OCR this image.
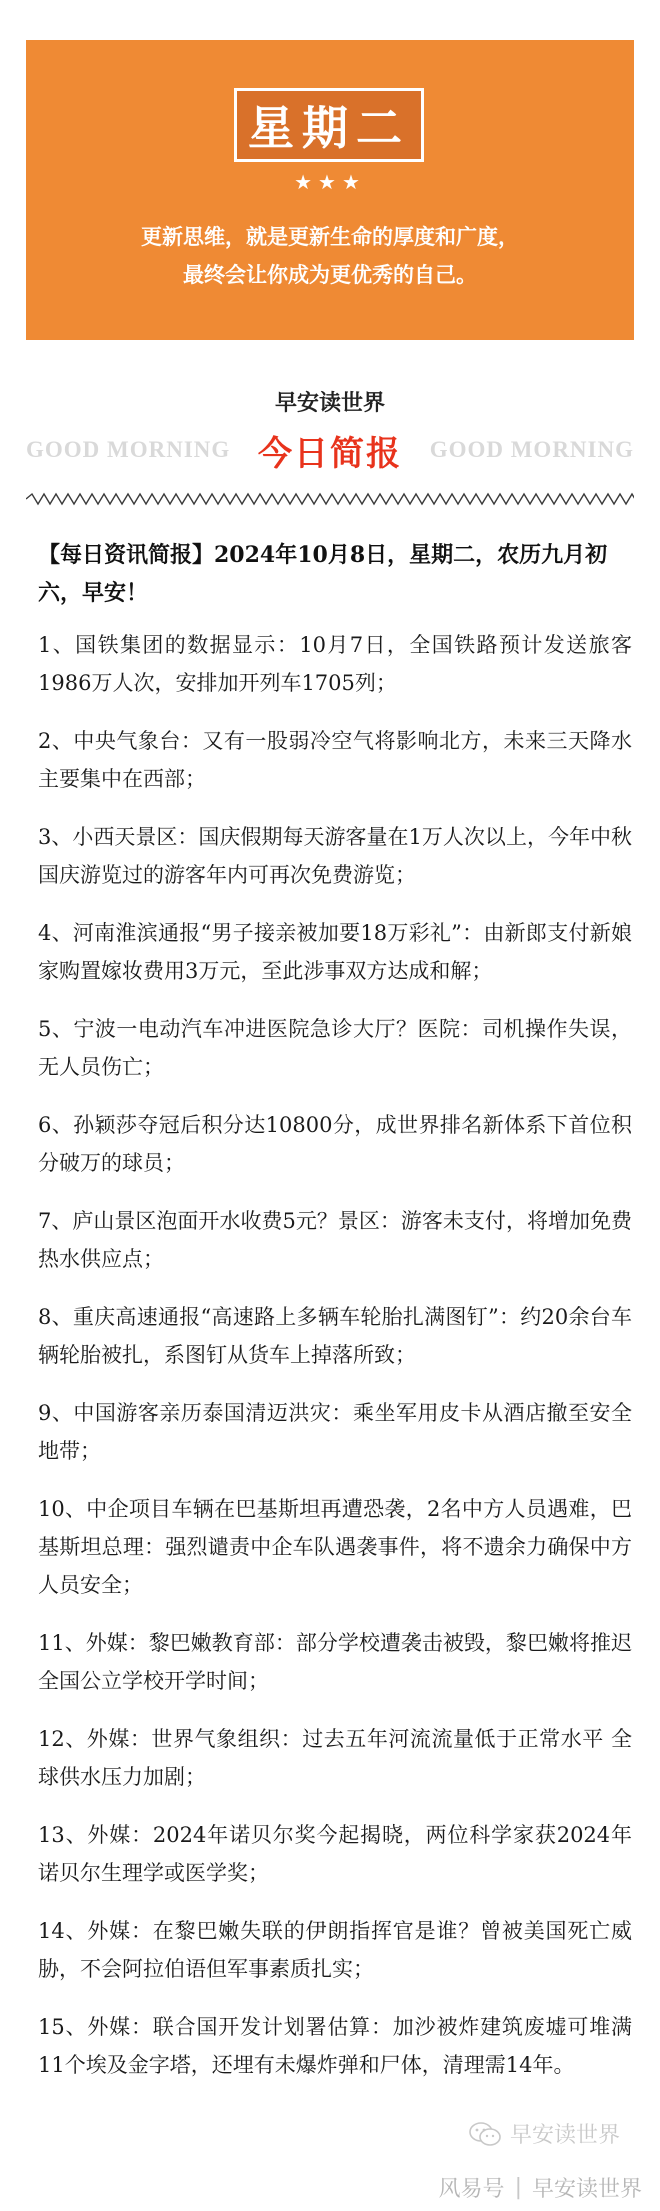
星期二
★★★
更新思维，就是更新生命的厚度和广度，
最终会让你成为更优秀的自己。
早安读世界
GOOD MORNING 今日简报 GOOD MORNING
【每日资讯简报】2024年10月8日，星期二，农历九月初六，早安！
1、国铁集团的数据显示：10月7日，全国铁路预计发送旅客1986万人次，安排加开列车1705列；
2、中央气象台：又有一股弱冷空气将影响北方，未来三天降水主要集中在西部；
3、小西天景区：国庆假期每天游客量在1万人次以上，今年中秋国庆游览过的游客年内可再次免费游览；
4、河南淮滨通报“男子接亲被加要18万彩礼”：由新郎支付新娘家购置嫁妆费用3万元，至此涉事双方达成和解；
5、宁波一电动汽车冲进医院急诊大厅？医院：司机操作失误，无人员伤亡；
6、孙颖莎夺冠后积分达10800分，成世界排名新体系下首位积分破万的球员；
7、庐山景区泡面开水收费5元？景区：游客未支付，将增加免费热水供应点；
8、重庆高速通报“高速路上多辆车轮胎扎满图钉”：约20余台车辆轮胎被扎，系图钉从货车上掉落所致；
9、中国游客亲历泰国清迈洪灾：乘坐军用皮卡从酒店撤至安全地带；
10、中企项目车辆在巴基斯坦再遭恐袭，2名中方人员遇难，巴基斯坦总理：强烈谴责中企车队遇袭事件，将不遗余力确保中方人员安全；
11、外媒：黎巴嫩教育部：部分学校遭袭击被毁，黎巴嫩将推迟全国公立学校开学时间；
12、外媒：世界气象组织：过去五年河流流量低于正常水平 全球供水压力加剧；
13、外媒：2024年诺贝尔奖今起揭晓，两位科学家获2024年诺贝尔生理学或医学奖；
14、外媒：在黎巴嫩失联的伊朗指挥官是谁？曾被美国死亡威胁，不会阿拉伯语但军事素质扎实；
15、外媒：联合国开发计划署估算：加沙被炸建筑废墟可堆满11个埃及金字塔，还埋有未爆炸弹和尸体，清理需14年。
早安读世界
风易号 | 早安读世界
